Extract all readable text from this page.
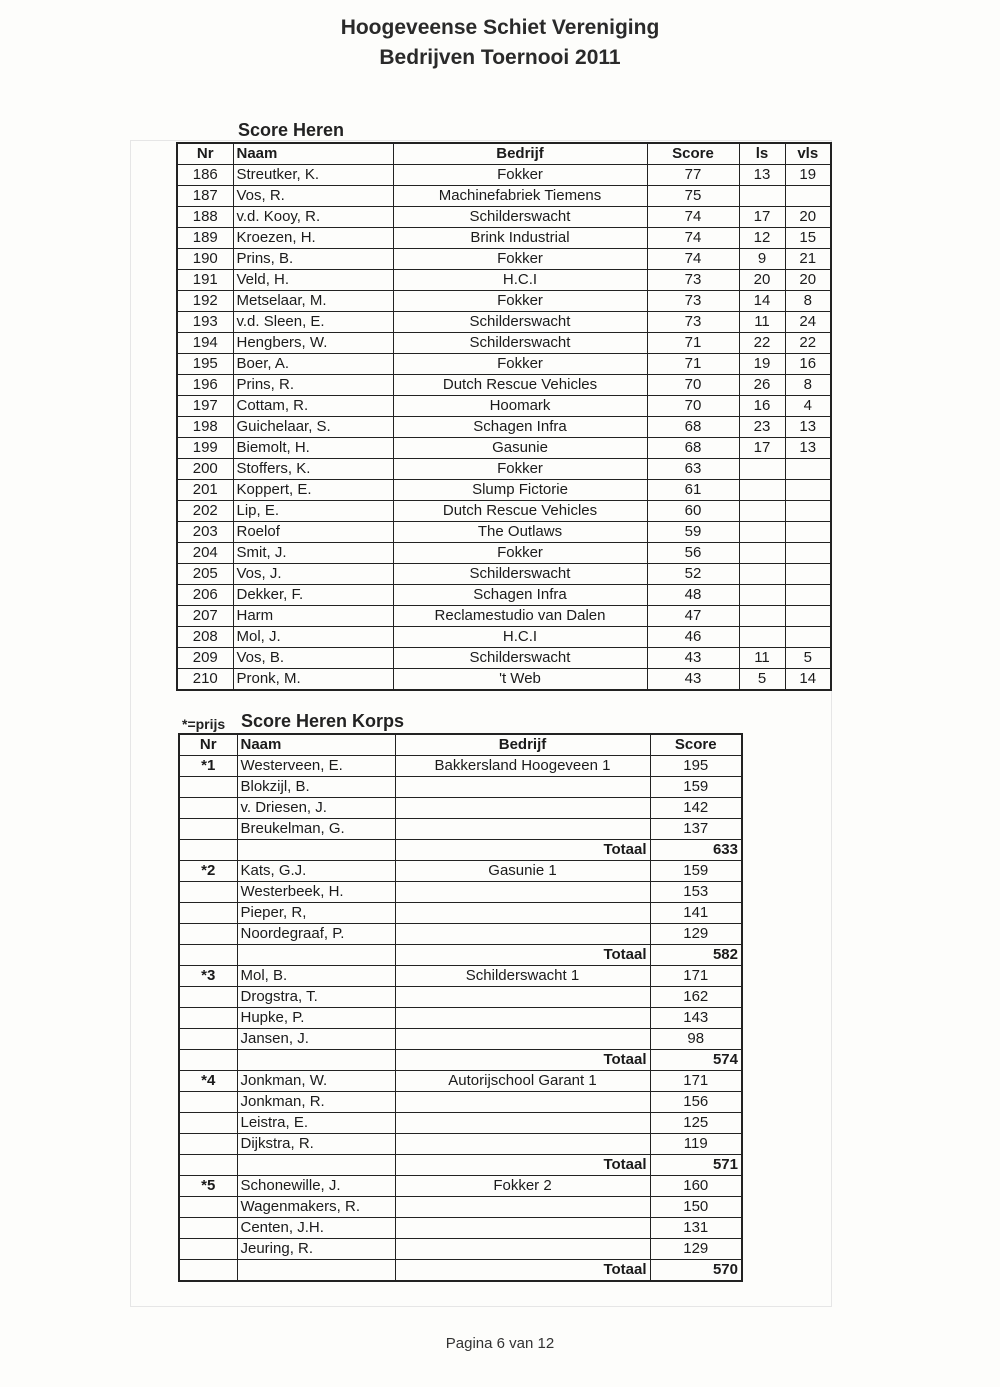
Hoogeveense Schiet Vereniging
Bedrijven Toernooi 2011
Score Heren
Nr	Naam	Bedrijf	Score	ls	vls
186	Streutker, K.	Fokker	77	13	19
187	Vos, R.	Machinefabriek Tiemens	75		
188	v.d. Kooy, R.	Schilderswacht	74	17	20
189	Kroezen, H.	Brink Industrial	74	12	15
190	Prins, B.	Fokker	74	9	21
191	Veld, H.	H.C.I	73	20	20
192	Metselaar, M.	Fokker	73	14	8
193	v.d. Sleen, E.	Schilderswacht	73	11	24
194	Hengbers, W.	Schilderswacht	71	22	22
195	Boer, A.	Fokker	71	19	16
196	Prins, R.	Dutch Rescue Vehicles	70	26	8
197	Cottam, R.	Hoomark	70	16	4
198	Guichelaar, S.	Schagen Infra	68	23	13
199	Biemolt, H.	Gasunie	68	17	13
200	Stoffers, K.	Fokker	63		
201	Koppert, E.	Slump Fictorie	61		
202	Lip, E.	Dutch Rescue Vehicles	60		
203	Roelof	The Outlaws	59		
204	Smit, J.	Fokker	56		
205	Vos, J.	Schilderswacht	52		
206	Dekker, F.	Schagen Infra	48		
207	Harm	Reclamestudio van Dalen	47		
208	Mol, J.	H.C.I	46		
209	Vos, B.	Schilderswacht	43	11	5
210	Pronk, M.	't Web	43	5	14
*=prijs Score Heren Korps
Nr	Naam	Bedrijf	Score
*1	Westerveen, E.	Bakkersland Hoogeveen 1	195
	Blokzijl, B.		159
	v. Driesen, J.		142
	Breukelman, G.		137
		Totaal	633
*2	Kats, G.J.	Gasunie 1	159
	Westerbeek, H.		153
	Pieper, R,		141
	Noordegraaf, P.		129
		Totaal	582
*3	Mol, B.	Schilderswacht 1	171
	Drogstra, T.		162
	Hupke, P.		143
	Jansen, J.		98
		Totaal	574
*4	Jonkman, W.	Autorijschool Garant 1	171
	Jonkman, R.		156
	Leistra, E.		125
	Dijkstra, R.		119
		Totaal	571
*5	Schonewille, J.	Fokker 2	160
	Wagenmakers, R.		150
	Centen, J.H.		131
	Jeuring, R.		129
		Totaal	570
Pagina 6 van 12
